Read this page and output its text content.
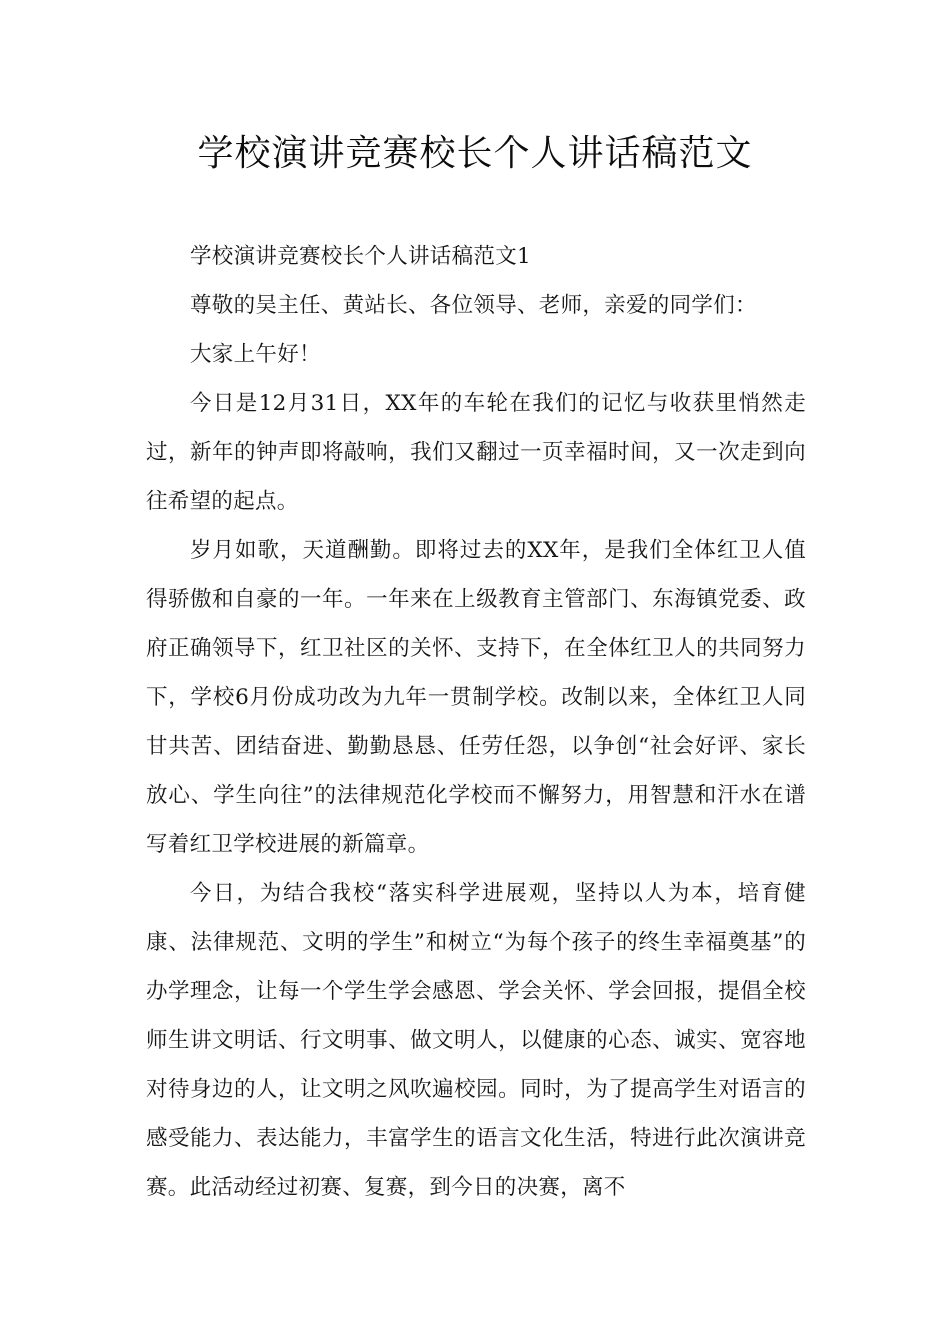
学校演讲竞赛校长个人讲话稿范文

学校演讲竞赛校长个人讲话稿范文1

尊敬的吴主任、黄站长、各位领导、老师，亲爱的同学们：

大家上午好！

今日是12月31日，XX年的车轮在我们的记忆与收获里悄然走过，新年的钟声即将敲响，我们又翻过一页幸福时间，又一次走到向往希望的起点。

岁月如歌，天道酬勤。即将过去的XX年，是我们全体红卫人值得骄傲和自豪的一年。一年来在上级教育主管部门、东海镇党委、政府正确领导下，红卫社区的关怀、支持下，在全体红卫人的共同努力下，学校6月份成功改为九年一贯制学校。改制以来，全体红卫人同甘共苦、团结奋进、勤勤恳恳、任劳任怨，以争创“社会好评、家长放心、学生向往”的法律规范化学校而不懈努力，用智慧和汗水在谱写着红卫学校进展的新篇章。

今日，为结合我校“落实科学进展观，坚持以人为本，培育健康、法律规范、文明的学生”和树立“为每个孩子的终生幸福奠基”的办学理念，让每一个学生学会感恩、学会关怀、学会回报，提倡全校师生讲文明话、行文明事、做文明人，以健康的心态、诚实、宽容地对待身边的人，让文明之风吹遍校园。同时，为了提高学生对语言的感受能力、表达能力，丰富学生的语言文化生活，特进行此次演讲竞赛。此活动经过初赛、复赛，到今日的决赛，离不
